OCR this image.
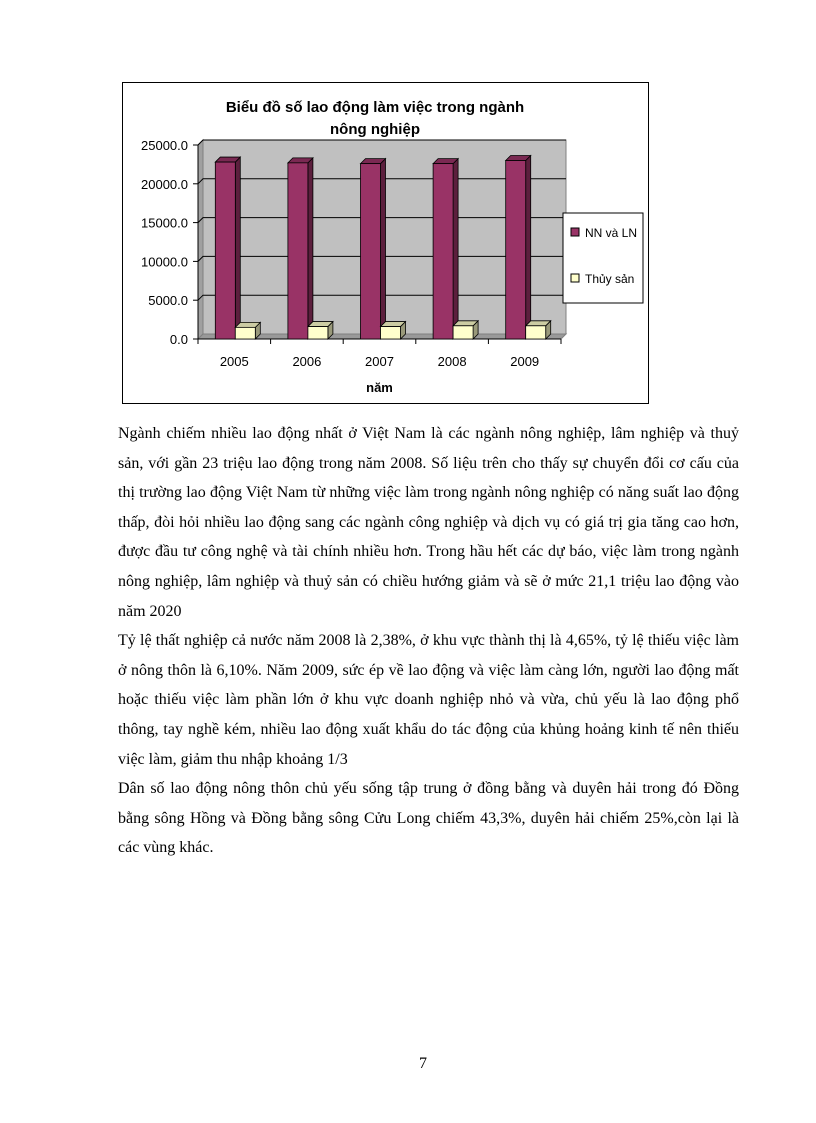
Biểu đồ số lao động làm việc trong ngành
nông nghiệp
0.0
5000.0
10000.0
15000.0
20000.0
25000.0
2005	2006	2007	2008	2009
năm
NN và LN
Thủy sản

Ngành chiếm nhiều lao động nhất ở Việt Nam là các ngành nông nghiệp, lâm nghiệp và thuỷ sản, với gần 23 triệu lao động trong năm 2008. Số liệu trên cho thấy sự chuyển đổi cơ cấu của thị trường lao động Việt Nam từ những việc làm trong ngành nông nghiệp có năng suất lao động thấp, đòi hỏi nhiều lao động sang các ngành công nghiệp và dịch vụ có giá trị gia tăng cao hơn, được đầu tư công nghệ và tài chính nhiều hơn. Trong hầu hết các dự báo, việc làm trong ngành nông nghiệp, lâm nghiệp và thuỷ sản có chiều hướng giảm và sẽ ở mức 21,1 triệu lao động vào năm 2020

Tỷ lệ thất nghiệp cả nước năm 2008 là 2,38%, ở khu vực thành thị là 4,65%, tỷ lệ thiếu việc làm ở nông thôn là 6,10%. Năm 2009, sức ép về lao động và việc làm càng lớn, người lao động mất hoặc thiếu việc làm phần lớn ở khu vực doanh nghiệp nhỏ và vừa, chủ yếu là lao động phổ thông, tay nghề kém, nhiều lao động xuất khẩu do tác động của khủng hoảng kinh tế nên thiếu việc làm, giảm thu nhập khoảng 1/3

Dân số lao động nông thôn chủ yếu sống tập trung ở đồng bằng và duyên hải trong đó Đồng bằng sông Hồng và Đồng bằng sông Cửu Long chiếm 43,3%, duyên hải chiếm 25%,còn lại là các vùng khác.

7
